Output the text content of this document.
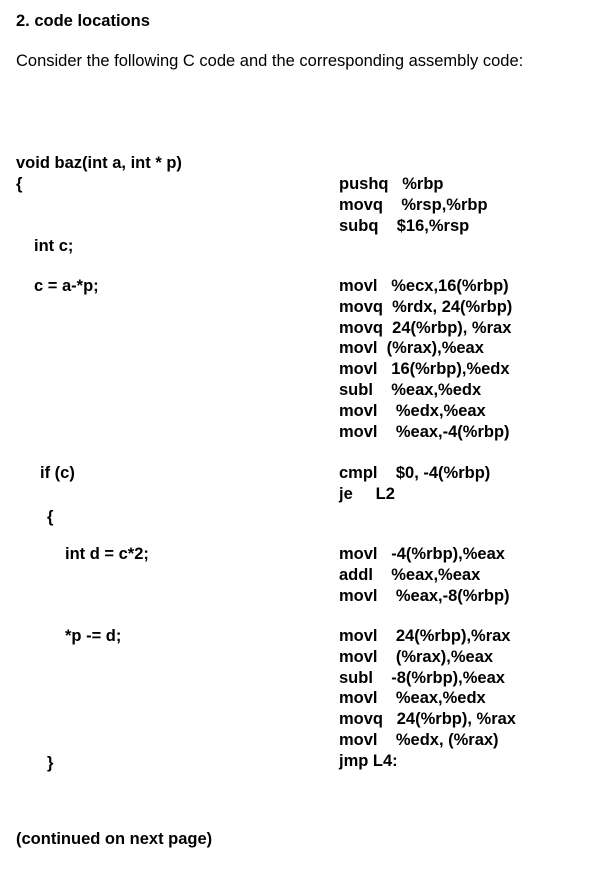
2. code locations
Consider the following C code and the corresponding assembly code:
void baz(int a, int * p)
{
int c;
c = a-*p;
if (c)
{
int d = c*2;
*p -= d;
}
pushq   %rbp
movq    %rsp,%rbp
subq    $16,%rsp
movl   %ecx,16(%rbp)
movq  %rdx, 24(%rbp)
movq  24(%rbp), %rax
movl  (%rax),%eax
movl   16(%rbp),%edx
subl    %eax,%edx
movl    %edx,%eax
movl    %eax,-4(%rbp)
cmpl    $0, -4(%rbp)
je     L2
movl   -4(%rbp),%eax
addl    %eax,%eax
movl    %eax,-8(%rbp)
movl    24(%rbp),%rax
movl    (%rax),%eax
subl    -8(%rbp),%eax
movl    %eax,%edx
movq   24(%rbp), %rax
movl    %edx, (%rax)
jmp L4:
(continued on next page)
